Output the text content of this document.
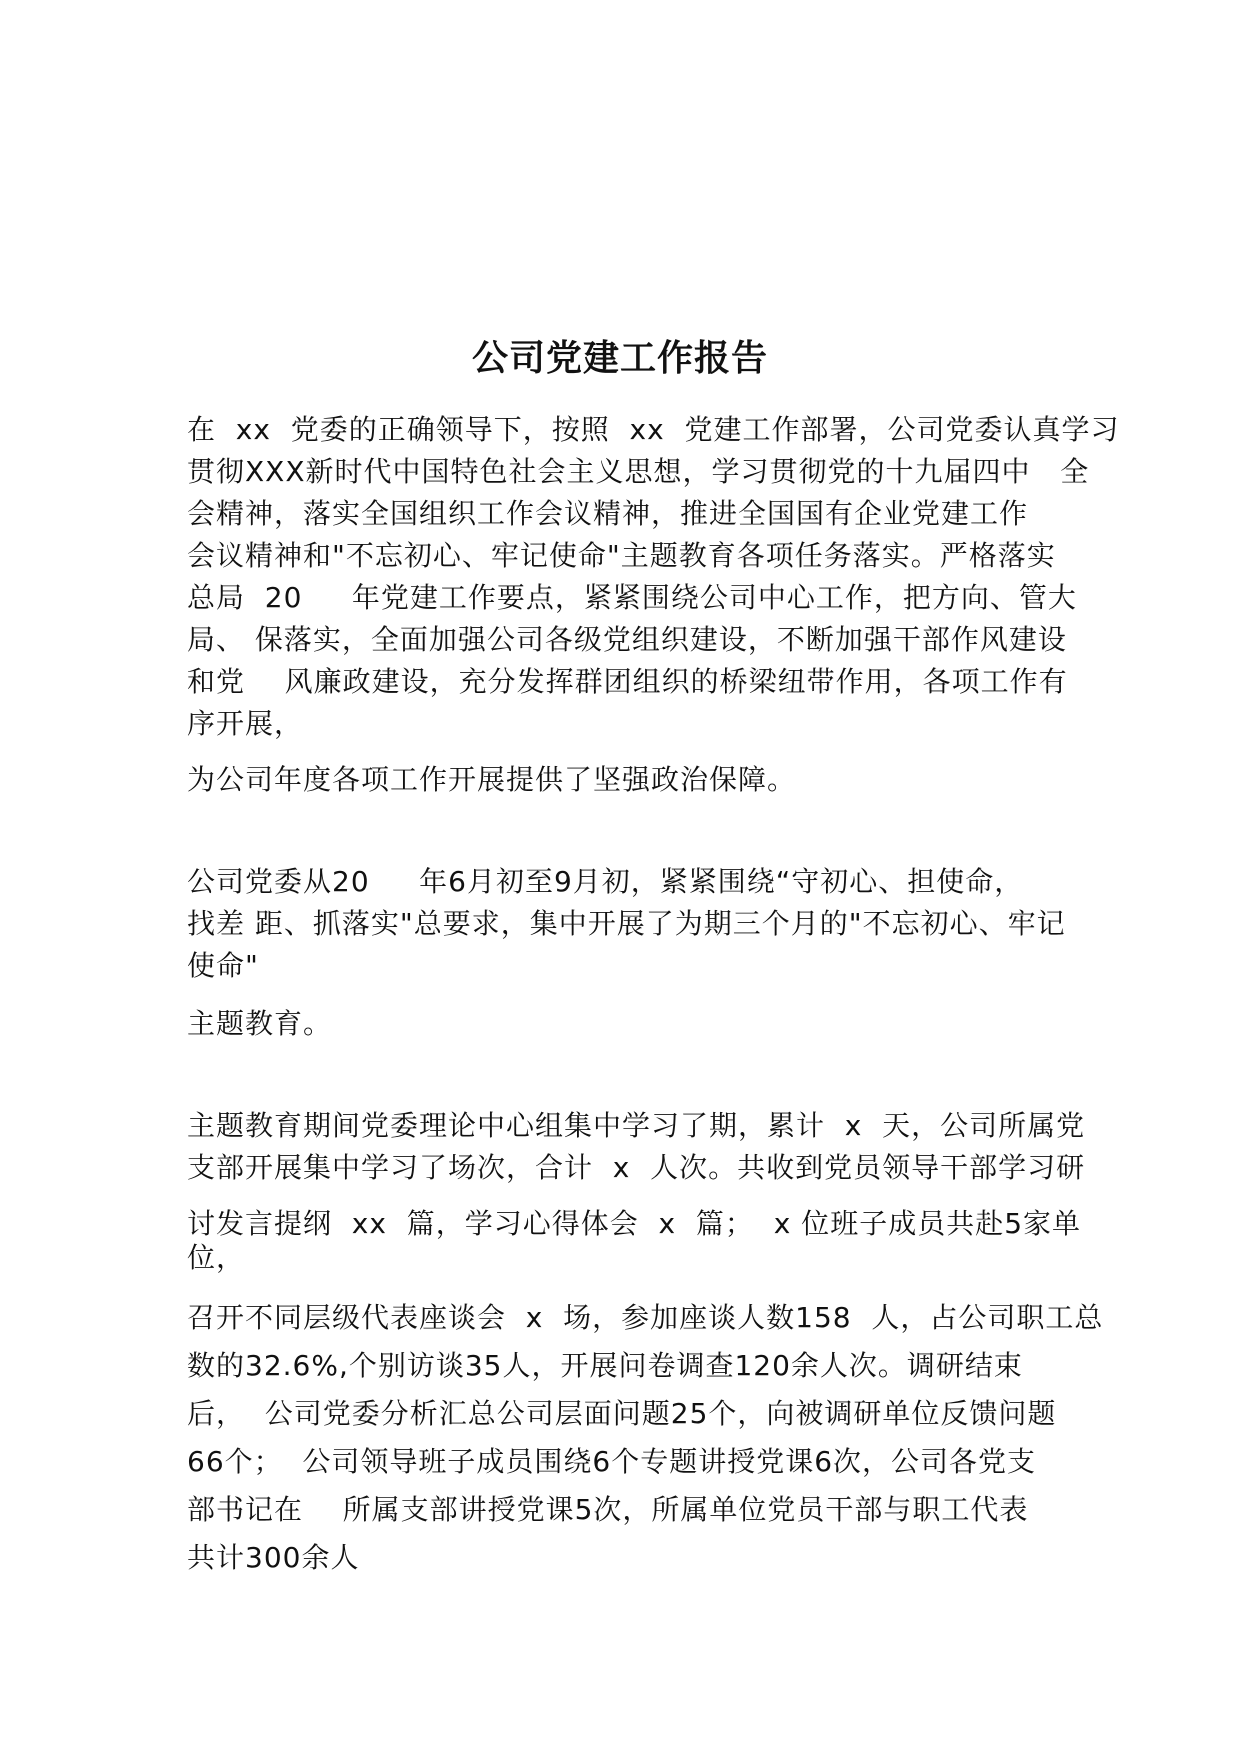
公司党建工作报告

在  xx  党委的正确领导下，按照  xx  党建工作部署，公司党委认真学习

贯彻XXX新时代中国特色社会主义思想，学习贯彻党的十九届四中   全

会精神，落实全国组织工作会议精神，推进全国国有企业党建工作

会议精神和"不忘初心、牢记使命"主题教育各项任务落实。严格落实

总局  20     年党建工作要点，紧紧围绕公司中心工作，把方向、管大

局、 保落实，全面加强公司各级党组织建设，不断加强干部作风建设

和党    风廉政建设，充分发挥群团组织的桥梁纽带作用，各项工作有

序开展，

为公司年度各项工作开展提供了坚强政治保障。

公司党委从20     年6月初至9月初，紧紧围绕“守初心、担使命，

找差 距、抓落实"总要求，集中开展了为期三个月的"不忘初心、牢记

使命"

主题教育。

主题教育期间党委理论中心组集中学习了期，累计  x  天，公司所属党

支部开展集中学习了场次，合计  x  人次。共收到党员领导干部学习研

讨发言提纲  xx  篇，学习心得体会  x  篇；  x 位班子成员共赴5家单

位，

召开不同层级代表座谈会  x  场，参加座谈人数158  人，占公司职工总

数的32.6%,个别访谈35人，开展问卷调查120余人次。调研结束

后，  公司党委分析汇总公司层面问题25个，向被调研单位反馈问题

66个；  公司领导班子成员围绕6个专题讲授党课6次，公司各党支

部书记在    所属支部讲授党课5次，所属单位党员干部与职工代表

共计300余人
